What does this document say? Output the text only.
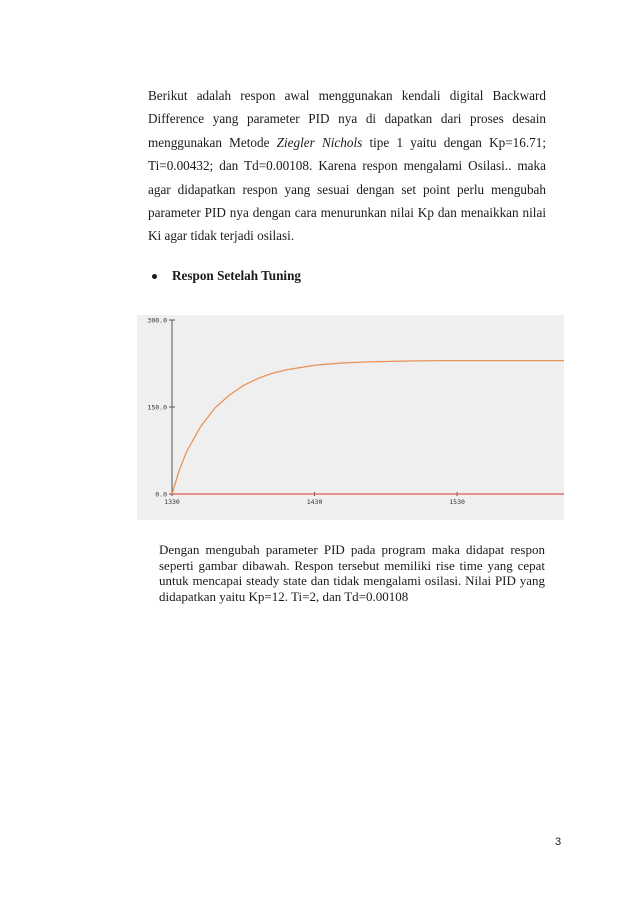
Berikut adalah respon awal menggunakan kendali digital Backward Difference yang parameter PID nya di dapatkan dari proses desain menggunakan Metode Ziegler Nichols tipe 1 yaitu dengan Kp=16.71; Ti=0.00432; dan Td=0.00108. Karena respon mengalami Osilasi.. maka agar didapatkan respon yang sesuai dengan set point perlu mengubah parameter PID nya dengan cara menurunkan nilai Kp dan menaikkan nilai Ki agar tidak terjadi osilasi.
Respon Setelah Tuning
300.0
150.0
0.0
1330	1430	1530
Dengan mengubah parameter PID pada program maka didapat respon seperti gambar dibawah. Respon tersebut memiliki rise time yang cepat untuk mencapai steady state dan tidak mengalami osilasi. Nilai PID yang didapatkan yaitu Kp=12. Ti=2, dan Td=0.00108
3
